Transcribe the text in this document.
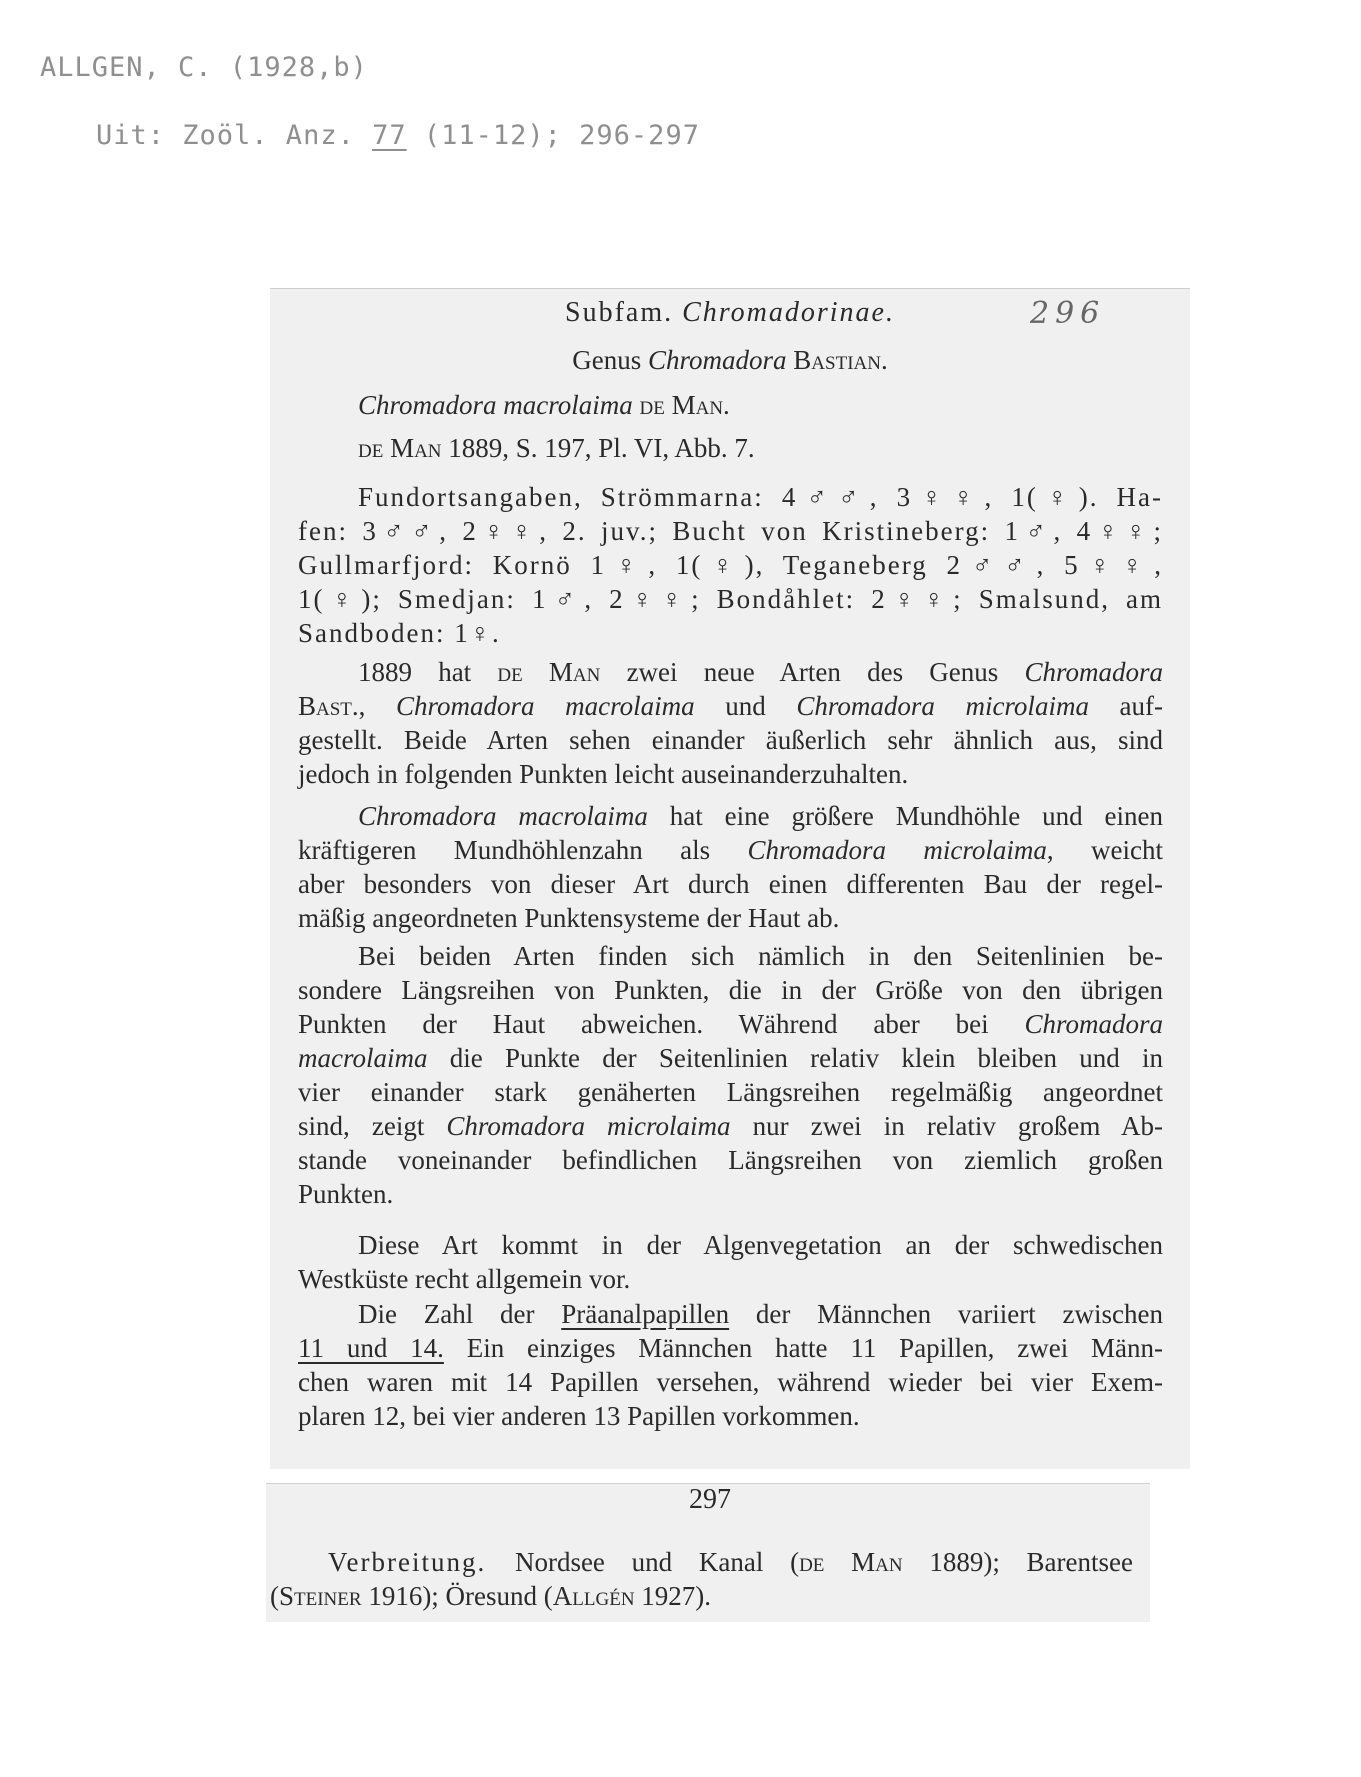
ALLGEN, C. (1928,b)
Uit: Zoöl. Anz. 77 (11-12); 296-297
296
Subfam. Chromadorinae.
Genus Chromadora Bastian.
Chromadora macrolaima de Man.
de Man 1889, S. 197, Pl. VI, Abb. 7.
Fundortsangaben, Strömmarna: 4♂♂, 3♀♀, 1(♀). Ha-
fen: 3♂♂, 2♀♀, 2. juv.; Bucht von Kristineberg: 1♂, 4♀♀;
Gullmarfjord: Kornö 1♀, 1(♀), Teganeberg 2♂♂, 5♀♀,
1(♀); Smedjan: 1♂, 2♀♀; Bondåhlet: 2♀♀; Smalsund, am
Sandboden: 1♀.
1889 hat de Man zwei neue Arten des Genus Chromadora
Bast., Chromadora macrolaima und Chromadora microlaima auf-
gestellt. Beide Arten sehen einander äußerlich sehr ähnlich aus, sind
jedoch in folgenden Punkten leicht auseinanderzuhalten.
Chromadora macrolaima hat eine größere Mundhöhle und einen
kräftigeren Mundhöhlenzahn als Chromadora microlaima, weicht
aber besonders von dieser Art durch einen differenten Bau der regel-
mäßig angeordneten Punktensysteme der Haut ab.
Bei beiden Arten finden sich nämlich in den Seitenlinien be-
sondere Längsreihen von Punkten, die in der Größe von den übrigen
Punkten der Haut abweichen. Während aber bei Chromadora
macrolaima die Punkte der Seitenlinien relativ klein bleiben und in
vier einander stark genäherten Längsreihen regelmäßig angeordnet
sind, zeigt Chromadora microlaima nur zwei in relativ großem Ab-
stande voneinander befindlichen Längsreihen von ziemlich großen
Punkten.
Diese Art kommt in der Algenvegetation an der schwedischen
Westküste recht allgemein vor.
Die Zahl der Präanalpapillen der Männchen variiert zwischen
11 und 14. Ein einziges Männchen hatte 11 Papillen, zwei Männ-
chen waren mit 14 Papillen versehen, während wieder bei vier Exem-
plaren 12, bei vier anderen 13 Papillen vorkommen.
297
Verbreitung. Nordsee und Kanal (de Man 1889); Barentsee
(Steiner 1916); Öresund (Allgén 1927).
